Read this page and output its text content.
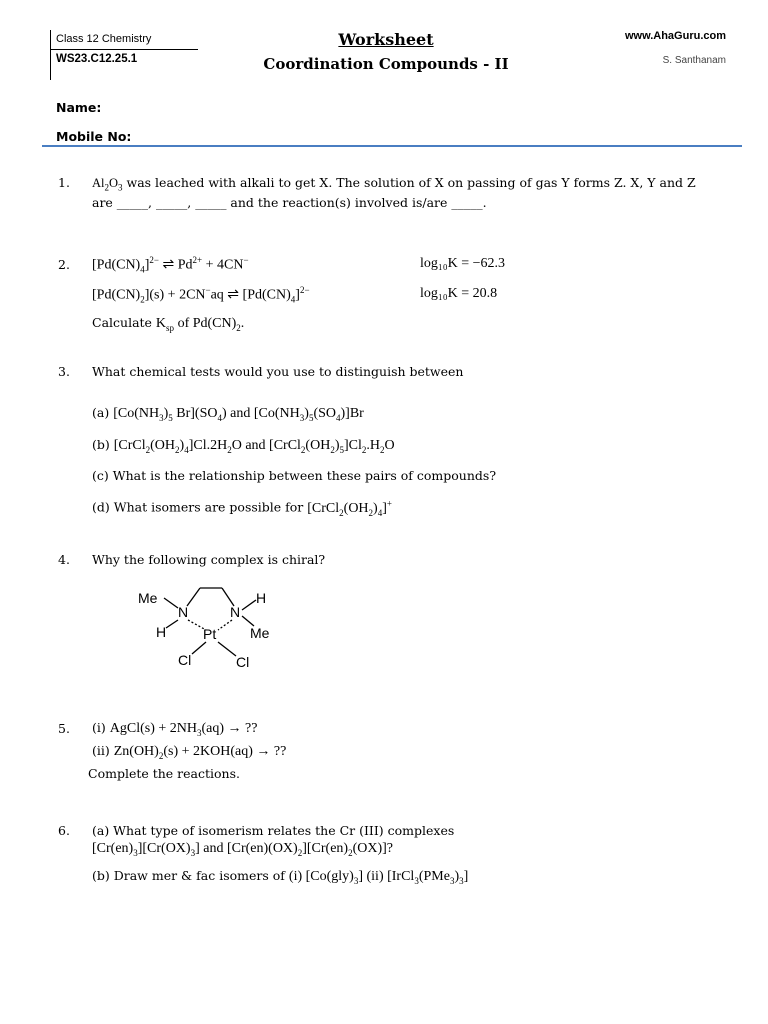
Class 12 Chemistry
WS23.C12.25.1
Worksheet
Coordination Compounds - II
www.AhaGuru.com
S. Santhanam
Name:
Mobile No:
1. $Al_2O_3$ was leached with alkali to get X. The solution of X on passing of gas Y forms Z. X, Y and Z
are _____, _____, _____ and the reaction(s) involved is/are _____.
2. $[Pd(CN)_4]^{2-}$ ⇌ $Pd^{2+} + 4CN^-$	log₁₀K = −62.3
$[Pd(CN)_2](s) + 2CN^-aq$ ⇌ $[Pd(CN)_4]^{2-}$	log₁₀K = 20.8
Calculate $K_{sp}$ of $Pd(CN)_2$.
3. What chemical tests would you use to distinguish between
(a) [$Co(NH_3)_5$ $Br](SO_4)$ and $[Co(NH_3)_5(SO_4)]Br$
(b) $[CrCl_2(OH_2)_4]Cl.2H_2O$ and $[CrCl_2(OH_2)_5]Cl_2.H_2O$
(c) What is the relationship between these pairs of compounds?
(d) What isomers are possible for $[CrCl_2(OH_2)_4]^+$
4. Why the following complex is chiral?
Me
N
H
N
H
Me
Pt
Cl	Cl
5. (i) AgCl(s) + $2NH_3(aq)$ → ??
(ii) $Zn(OH)_2(s) + 2KOH(aq)$ → ??
Complete the reactions.
6. (a) What type of isomerism relates the Cr (III) complexes
$[Cr(en)_3][Cr(OX)_3]$ and $[Cr(en)(OX)_2][Cr(en)_2(OX)]$?
(b) Draw mer & fac isomers of (i) $[Co(gly)_3]$ (ii) $[IrCl_3(PMe_3)_3]$
